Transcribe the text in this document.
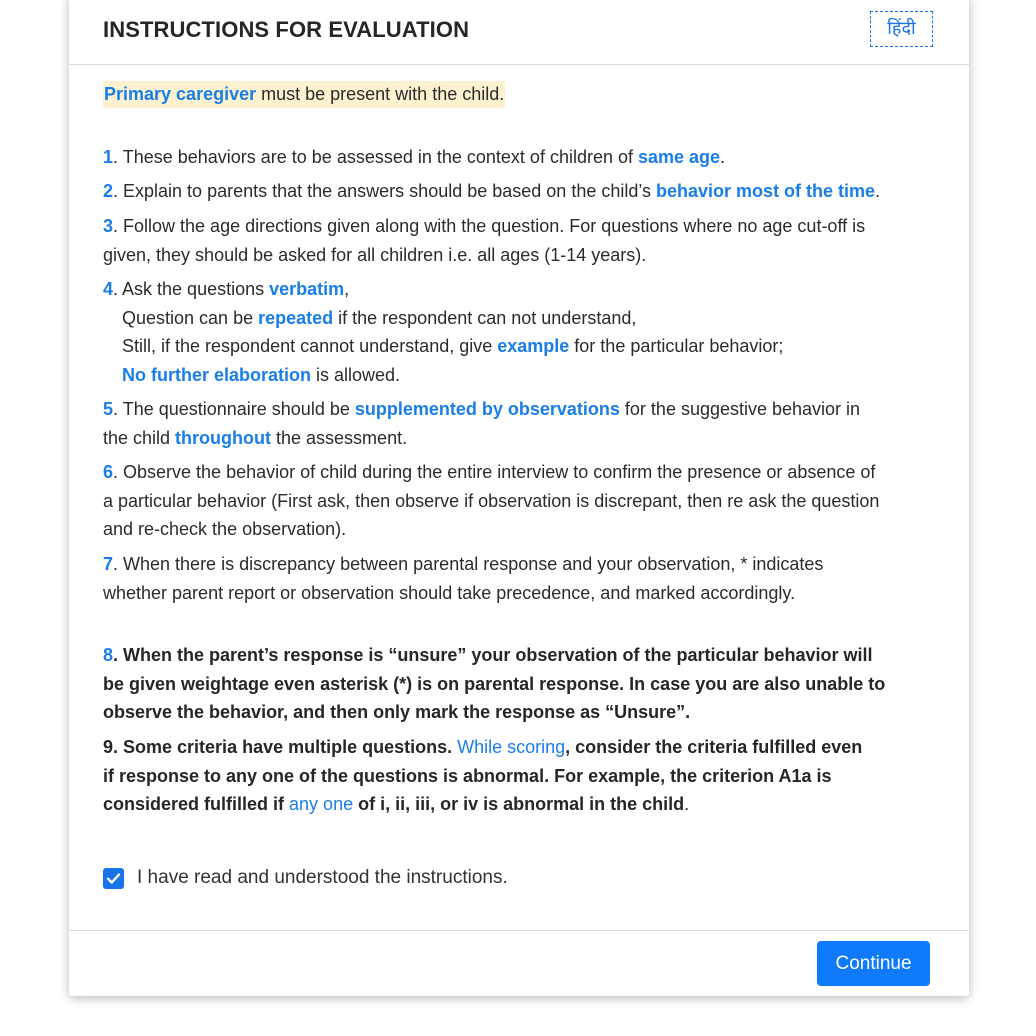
INSTRUCTIONS FOR EVALUATION	हिंदी
Primary caregiver must be present with the child.

1. These behaviors are to be assessed in the context of children of same age.

2. Explain to parents that the answers should be based on the child’s behavior most of the time.

3. Follow the age directions given along with the question. For questions where no age cut-off is
given, they should be asked for all children i.e. all ages (1-14 years).

4. Ask the questions verbatim,
Question can be repeated if the respondent can not understand,
Still, if the respondent cannot understand, give example for the particular behavior;
No further elaboration is allowed.

5. The questionnaire should be supplemented by observations for the suggestive behavior in
the child throughout the assessment.

6. Observe the behavior of child during the entire interview to confirm the presence or absence of
a particular behavior (First ask, then observe if observation is discrepant, then re ask the question
and re-check the observation).

7. When there is discrepancy between parental response and your observation, * indicates
whether parent report or observation should take precedence, and marked accordingly.

8. When the parent’s response is “unsure” your observation of the particular behavior will
be given weightage even asterisk (*) is on parental response. In case you are also unable to
observe the behavior, and then only mark the response as “Unsure”.

9. Some criteria have multiple questions. While scoring, consider the criteria fulfilled even
if response to any one of the questions is abnormal. For example, the criterion A1a is
considered fulfilled if any one of i, ii, iii, or iv is abnormal in the child.

I have read and understood the instructions.
Continue
